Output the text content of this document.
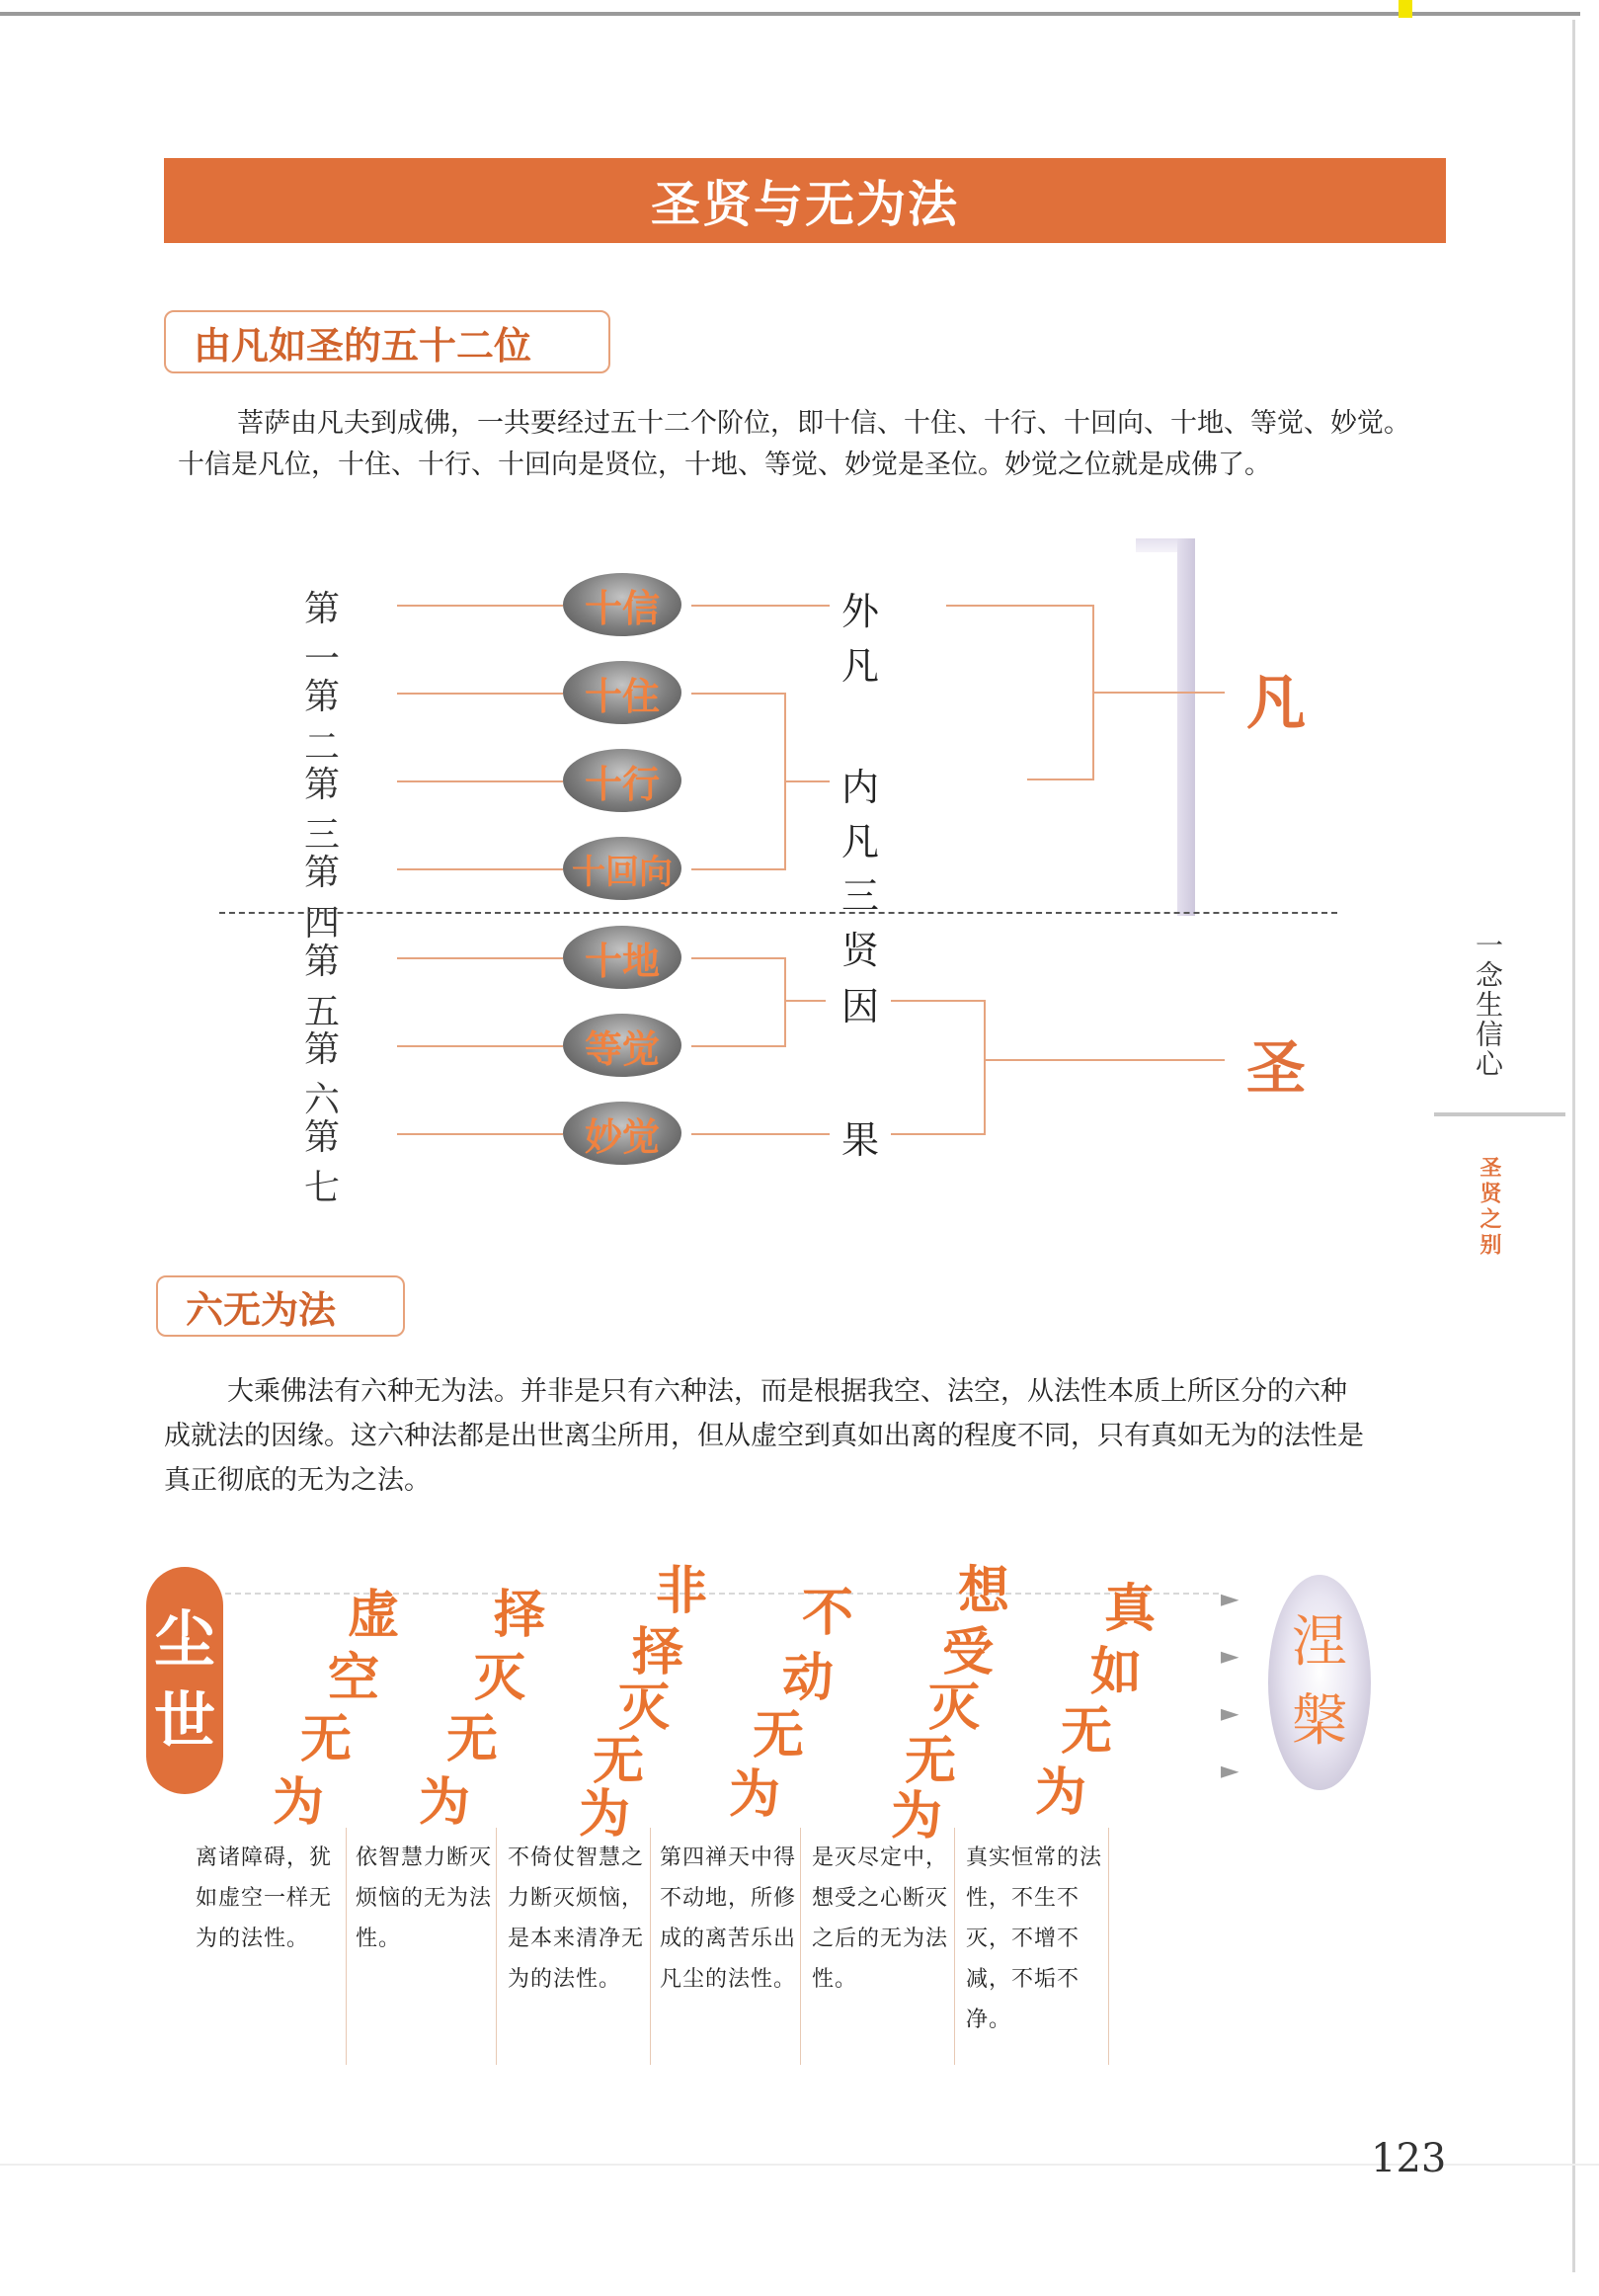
圣贤与无为法
由凡如圣的五十二位

菩萨由凡夫到成佛，一共要经过五十二个阶位，即十信、十住、十行、十回向、十地、等觉、妙觉。十信是凡位，十住、十行、十回向是贤位，十地、等觉、妙觉是圣位。妙觉之位就是成佛了。

第一
第二
第三
第四
第五
第六
第七
十信
十住
十行
十回向
十地
等觉
妙觉
外凡
内凡三贤
凡
因
果
圣	一念生信心
圣贤之别
六无为法

大乘佛法有六种无为法。并非是只有六种法，而是根据我空、法空，从法性本质上所区分的六种成就法的因缘。这六种法都是出世离尘所用，但从虚空到真如出离的程度不同，只有真如无为的法性是真正彻底的无为之法。

尘
世
►
►
►
►
涅
槃
虚
空
无
为
择
灭
无
为
非
择
灭
无
为
不
动
无
为
想
受
灭
无
为
真
如
无
为
离诸障碍，犹如虚空一样无为的法性。
依智慧力断灭烦恼的无为法性。
不倚仗智慧之力断灭烦恼，是本来清净无为的法性。
第四禅天中得不动地，所修成的离苦乐出凡尘的法性。
是灭尽定中，想受之心断灭之后的无为法性。
真实恒常的法性，不生不灭，不增不减，不垢不净。
123
